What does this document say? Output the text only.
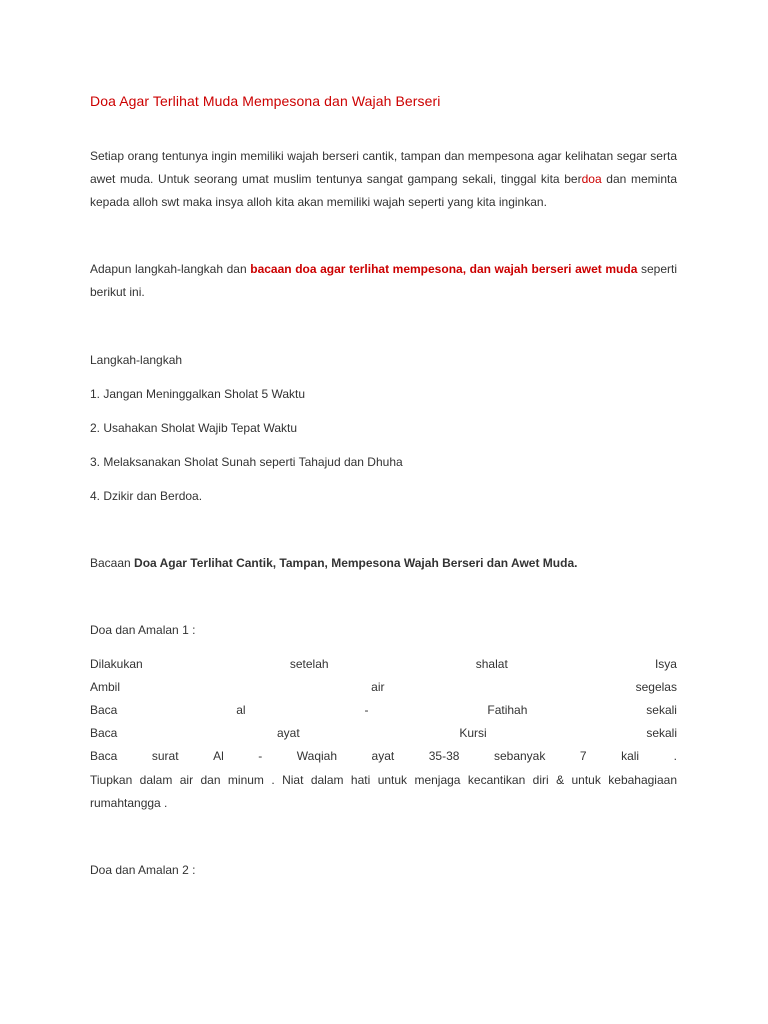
Doa Agar Terlihat Muda Mempesona dan Wajah Berseri

Setiap orang tentunya ingin memiliki wajah berseri cantik, tampan dan mempesona agar kelihatan segar serta awet muda. Untuk seorang umat muslim tentunya sangat gampang sekali, tinggal kita berdoa dan meminta kepada alloh swt maka insya alloh kita akan memiliki wajah seperti yang kita inginkan.

Adapun langkah-langkah dan bacaan doa agar terlihat mempesona, dan wajah berseri awet muda seperti berikut ini.

Langkah-langkah

1. Jangan Meninggalkan Sholat 5 Waktu

2. Usahakan Sholat Wajib Tepat Waktu

3. Melaksanakan Sholat Sunah seperti Tahajud dan Dhuha

4. Dzikir dan Berdoa.

Bacaan Doa Agar Terlihat Cantik, Tampan, Mempesona Wajah Berseri dan Awet Muda.

Doa dan Amalan 1 :

Dilakukan	setelah	shalat	Isya
Ambil	air	segelas
Baca	al	-	Fatihah	sekali
Baca	ayat	Kursi	sekali
Baca	surat	Al	-	Waqiah	ayat	35-38	sebanyak	7	kali	.

Tiupkan dalam air dan minum . Niat dalam hati untuk menjaga kecantikan diri & untuk kebahagiaan rumahtangga .

Doa dan Amalan 2 :
